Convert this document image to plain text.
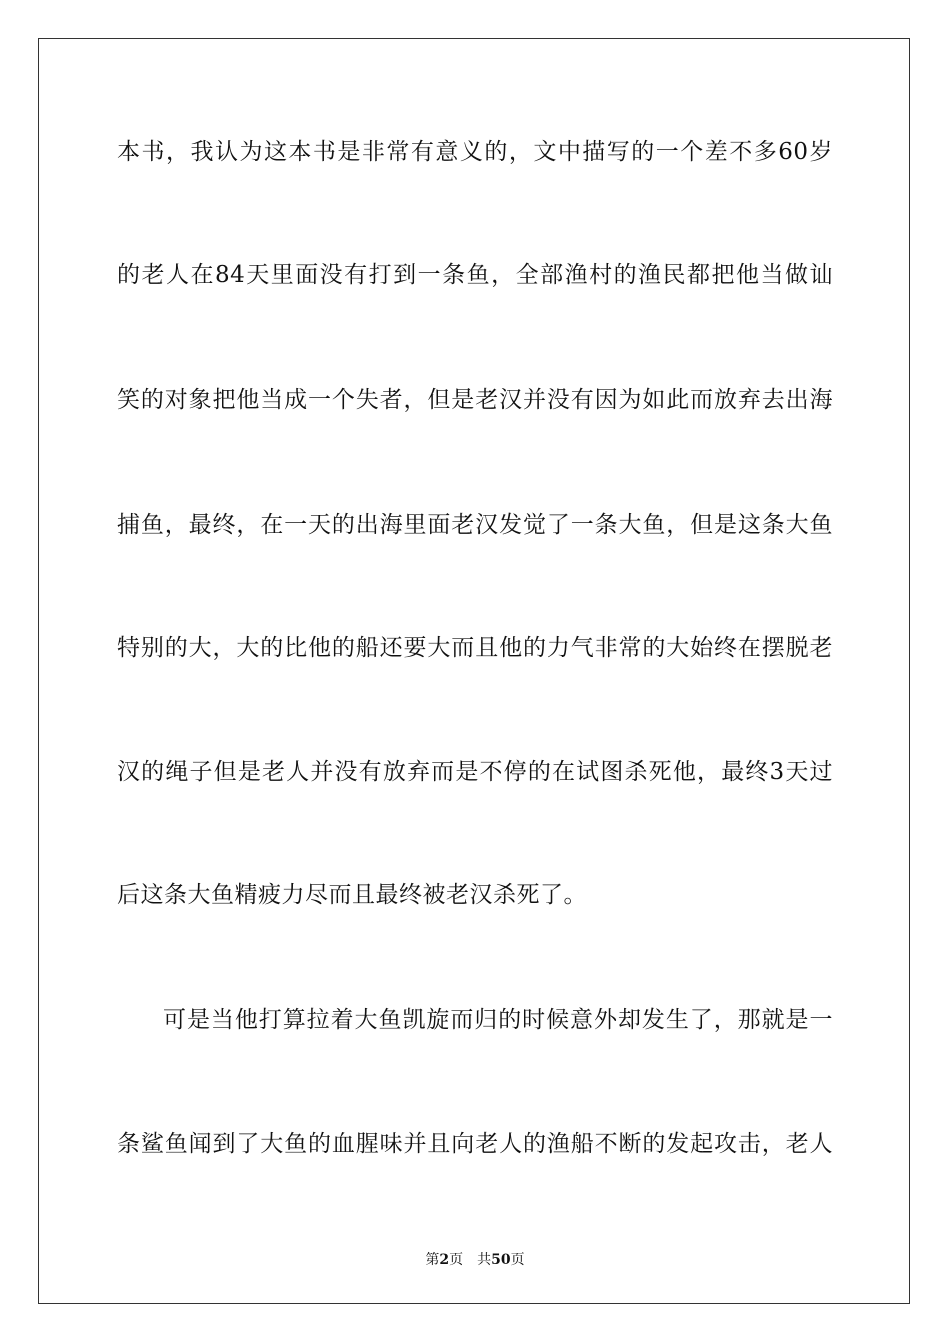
本书，我认为这本书是非常有意义的，文中描写的一个差不多60岁
的老人在84天里面没有打到一条鱼，全部渔村的渔民都把他当做讪
笑的对象把他当成一个失者，但是老汉并没有因为如此而放弃去出海
捕鱼，最终，在一天的出海里面老汉发觉了一条大鱼，但是这条大鱼
特别的大，大的比他的船还要大而且他的力气非常的大始终在摆脱老
汉的绳子但是老人并没有放弃而是不停的在试图杀死他，最终3天过
后这条大鱼精疲力尽而且最终被老汉杀死了。
可是当他打算拉着大鱼凯旋而归的时候意外却发生了，那就是一
条鲨鱼闻到了大鱼的血腥味并且向老人的渔船不断的发起攻击，老人
第2页 共50页
